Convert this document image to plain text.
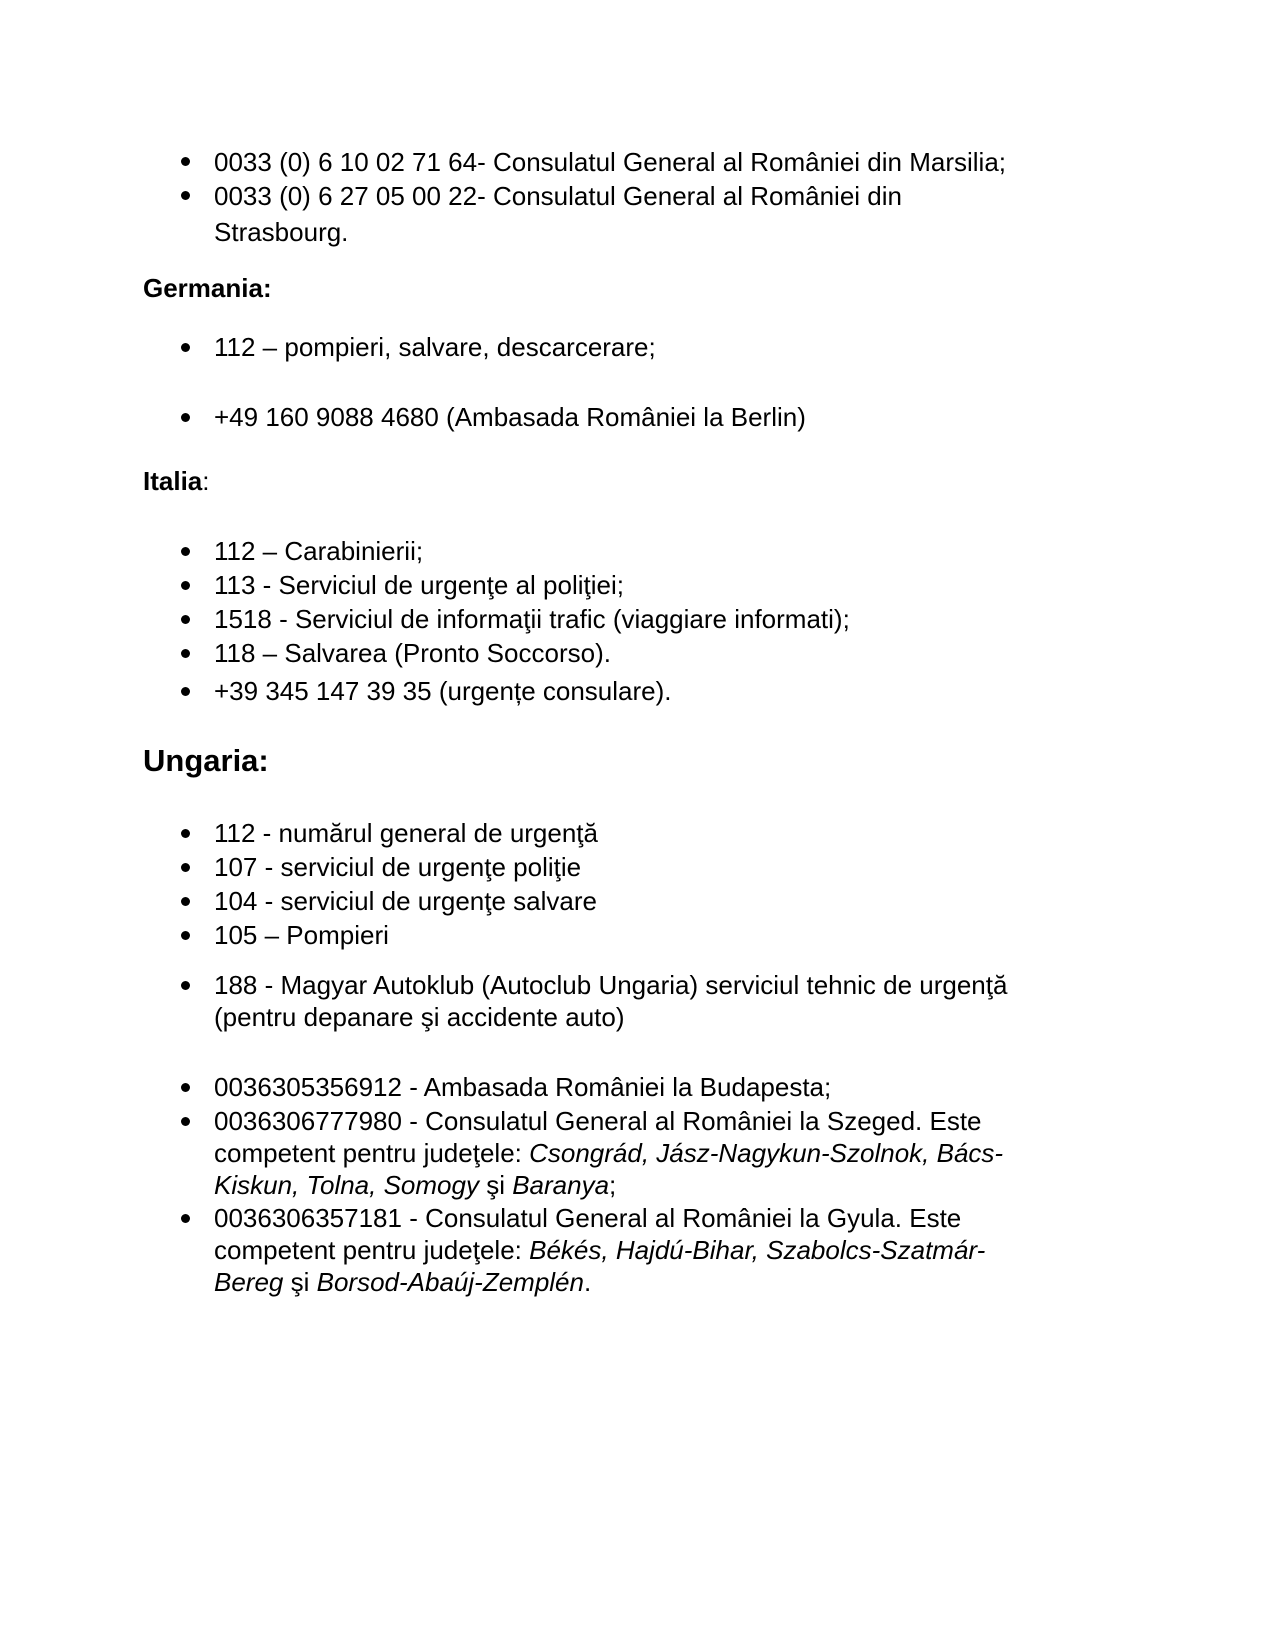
0033 (0) 6 10 02 71 64- Consulatul General al României din Marsilia;
0033 (0) 6 27 05 00 22- Consulatul General al României din
Strasbourg.
Germania:
112 – pompieri, salvare, descarcerare;
+49 160 9088 4680 (Ambasada României la Berlin)
Italia:
112 – Carabinierii;
113 - Serviciul de urgenţe al poliţiei;
1518 - Serviciul de informaţii trafic (viaggiare informati);
118 – Salvarea (Pronto Soccorso).
+39 345 147 39 35 (urgențe consulare).
Ungaria:
112 - numărul general de urgenţă
107 - serviciul de urgenţe poliţie
104 - serviciul de urgenţe salvare
105 – Pompieri
188 - Magyar Autoklub (Autoclub Ungaria) serviciul tehnic de urgenţă
(pentru depanare şi accidente auto)
0036305356912 - Ambasada României la Budapesta;
0036306777980 - Consulatul General al României la Szeged. Este
competent pentru judeţele: Csongrád, Jász-Nagykun-Szolnok, Bács-
Kiskun, Tolna, Somogy şi Baranya;
0036306357181 - Consulatul General al României la Gyula. Este
competent pentru judeţele: Békés, Hajdú-Bihar, Szabolcs-Szatmár-
Bereg şi Borsod-Abaúj-Zemplén.
